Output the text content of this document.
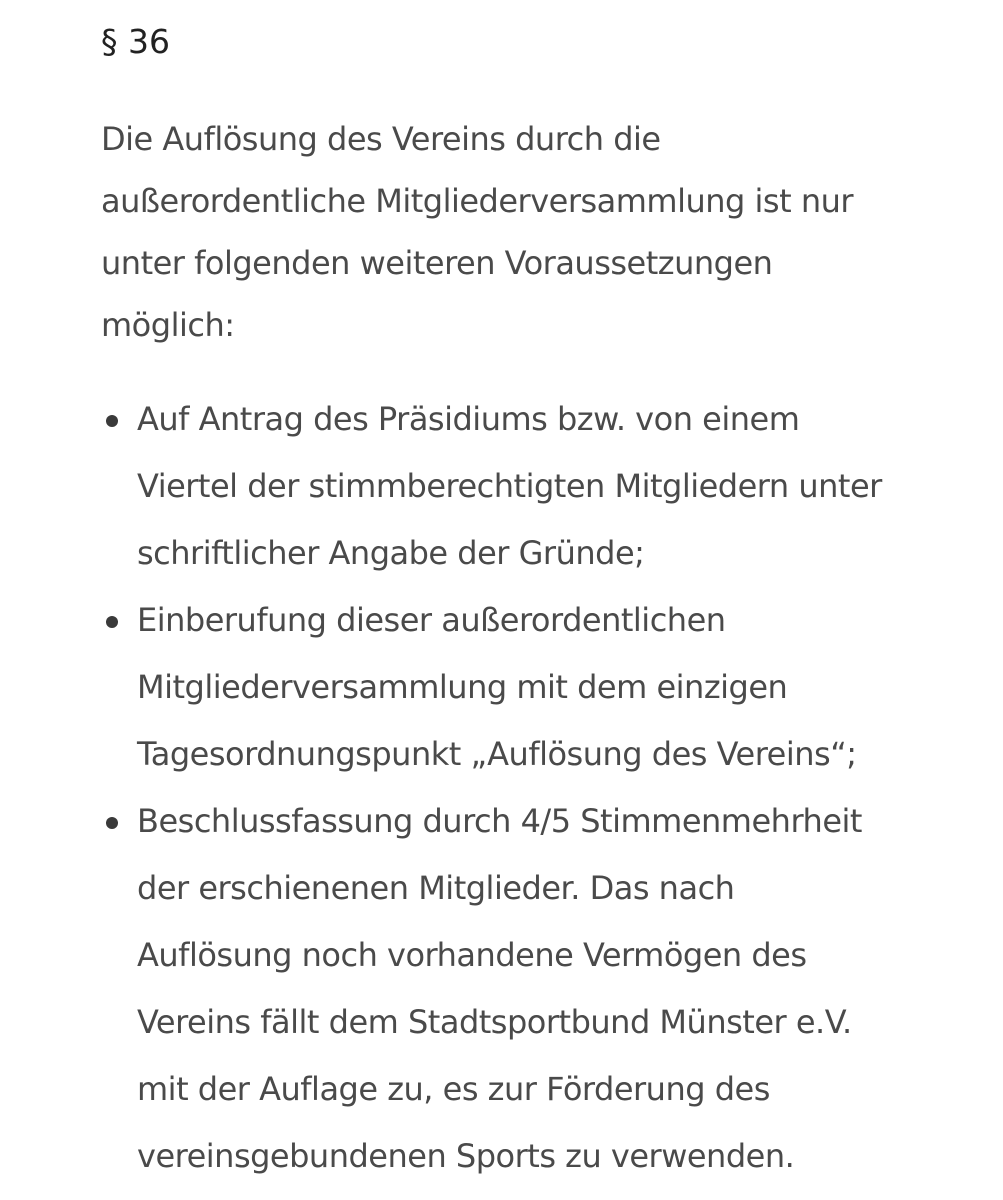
§ 36

Die Auflösung des Vereins durch die
außerordentliche Mitgliederversammlung ist nur
unter folgenden weiteren Voraussetzungen
möglich:

Auf Antrag des Präsidiums bzw. von einem
Viertel der stimmberechtigten Mitgliedern unter
schriftlicher Angabe der Gründe;
Einberufung dieser außerordentlichen
Mitgliederversammlung mit dem einzigen
Tagesordnungspunkt „Auflösung des Vereins“;
Beschlussfassung durch 4/5 Stimmenmehrheit
der erschienenen Mitglieder. Das nach
Auflösung noch vorhandene Vermögen des
Vereins fällt dem Stadtsportbund Münster e.V.
mit der Auflage zu, es zur Förderung des
vereinsgebundenen Sports zu verwenden.
